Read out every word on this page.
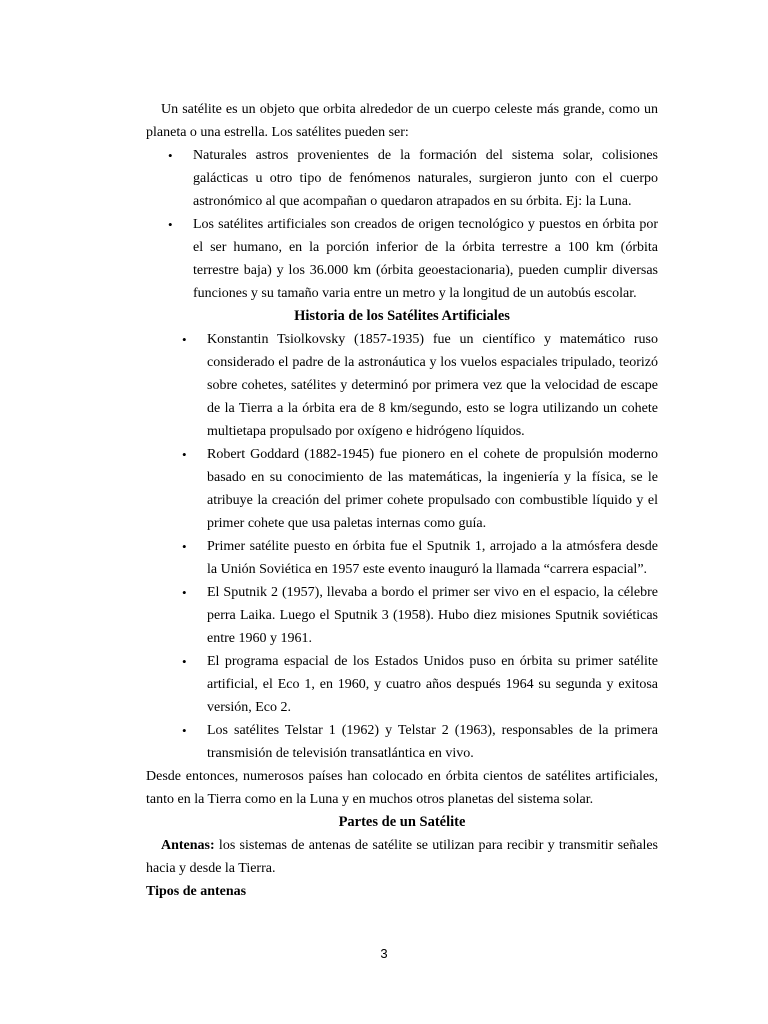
Un satélite es un objeto que orbita alrededor de un cuerpo celeste más grande, como un planeta o una estrella. Los satélites pueden ser:

• Naturales astros provenientes de la formación del sistema solar, colisiones galácticas u otro tipo de fenómenos naturales, surgieron junto con el cuerpo astronómico al que acompañan o quedaron atrapados en su órbita. Ej: la Luna.
• Los satélites artificiales son creados de origen tecnológico y puestos en órbita por el ser humano, en la porción inferior de la órbita terrestre a 100 km (órbita terrestre baja) y los 36.000 km (órbita geoestacionaria), pueden cumplir diversas funciones y su tamaño varia entre un metro y la longitud de un autobús escolar.
Historia de los Satélites Artificiales
• Konstantin Tsiolkovsky (1857-1935) fue un científico y matemático ruso considerado el padre de la astronáutica y los vuelos espaciales tripulado, teorizó sobre cohetes, satélites y determinó por primera vez que la velocidad de escape de la Tierra a la órbita era de 8 km/segundo, esto se logra utilizando un cohete multietapa propulsado por oxígeno e hidrógeno líquidos.
• Robert Goddard (1882-1945) fue pionero en el cohete de propulsión moderno basado en su conocimiento de las matemáticas, la ingeniería y la física, se le atribuye la creación del primer cohete propulsado con combustible líquido y el primer cohete que usa paletas internas como guía.
• Primer satélite puesto en órbita fue el Sputnik 1, arrojado a la atmósfera desde la Unión Soviética en 1957 este evento inauguró la llamada “carrera espacial”.
• El Sputnik 2 (1957), llevaba a bordo el primer ser vivo en el espacio, la célebre perra Laika. Luego el Sputnik 3 (1958). Hubo diez misiones Sputnik soviéticas entre 1960 y 1961.
• El programa espacial de los Estados Unidos puso en órbita su primer satélite artificial, el Eco 1, en 1960, y cuatro años después 1964 su segunda y exitosa versión, Eco 2.
• Los satélites Telstar 1 (1962) y Telstar 2 (1963), responsables de la primera transmisión de televisión transatlántica en vivo.

Desde entonces, numerosos países han colocado en órbita cientos de satélites artificiales, tanto en la Tierra como en la Luna y en muchos otros planetas del sistema solar.

Partes de un Satélite

Antenas: los sistemas de antenas de satélite se utilizan para recibir y transmitir señales hacia y desde la Tierra.

Tipos de antenas

3
